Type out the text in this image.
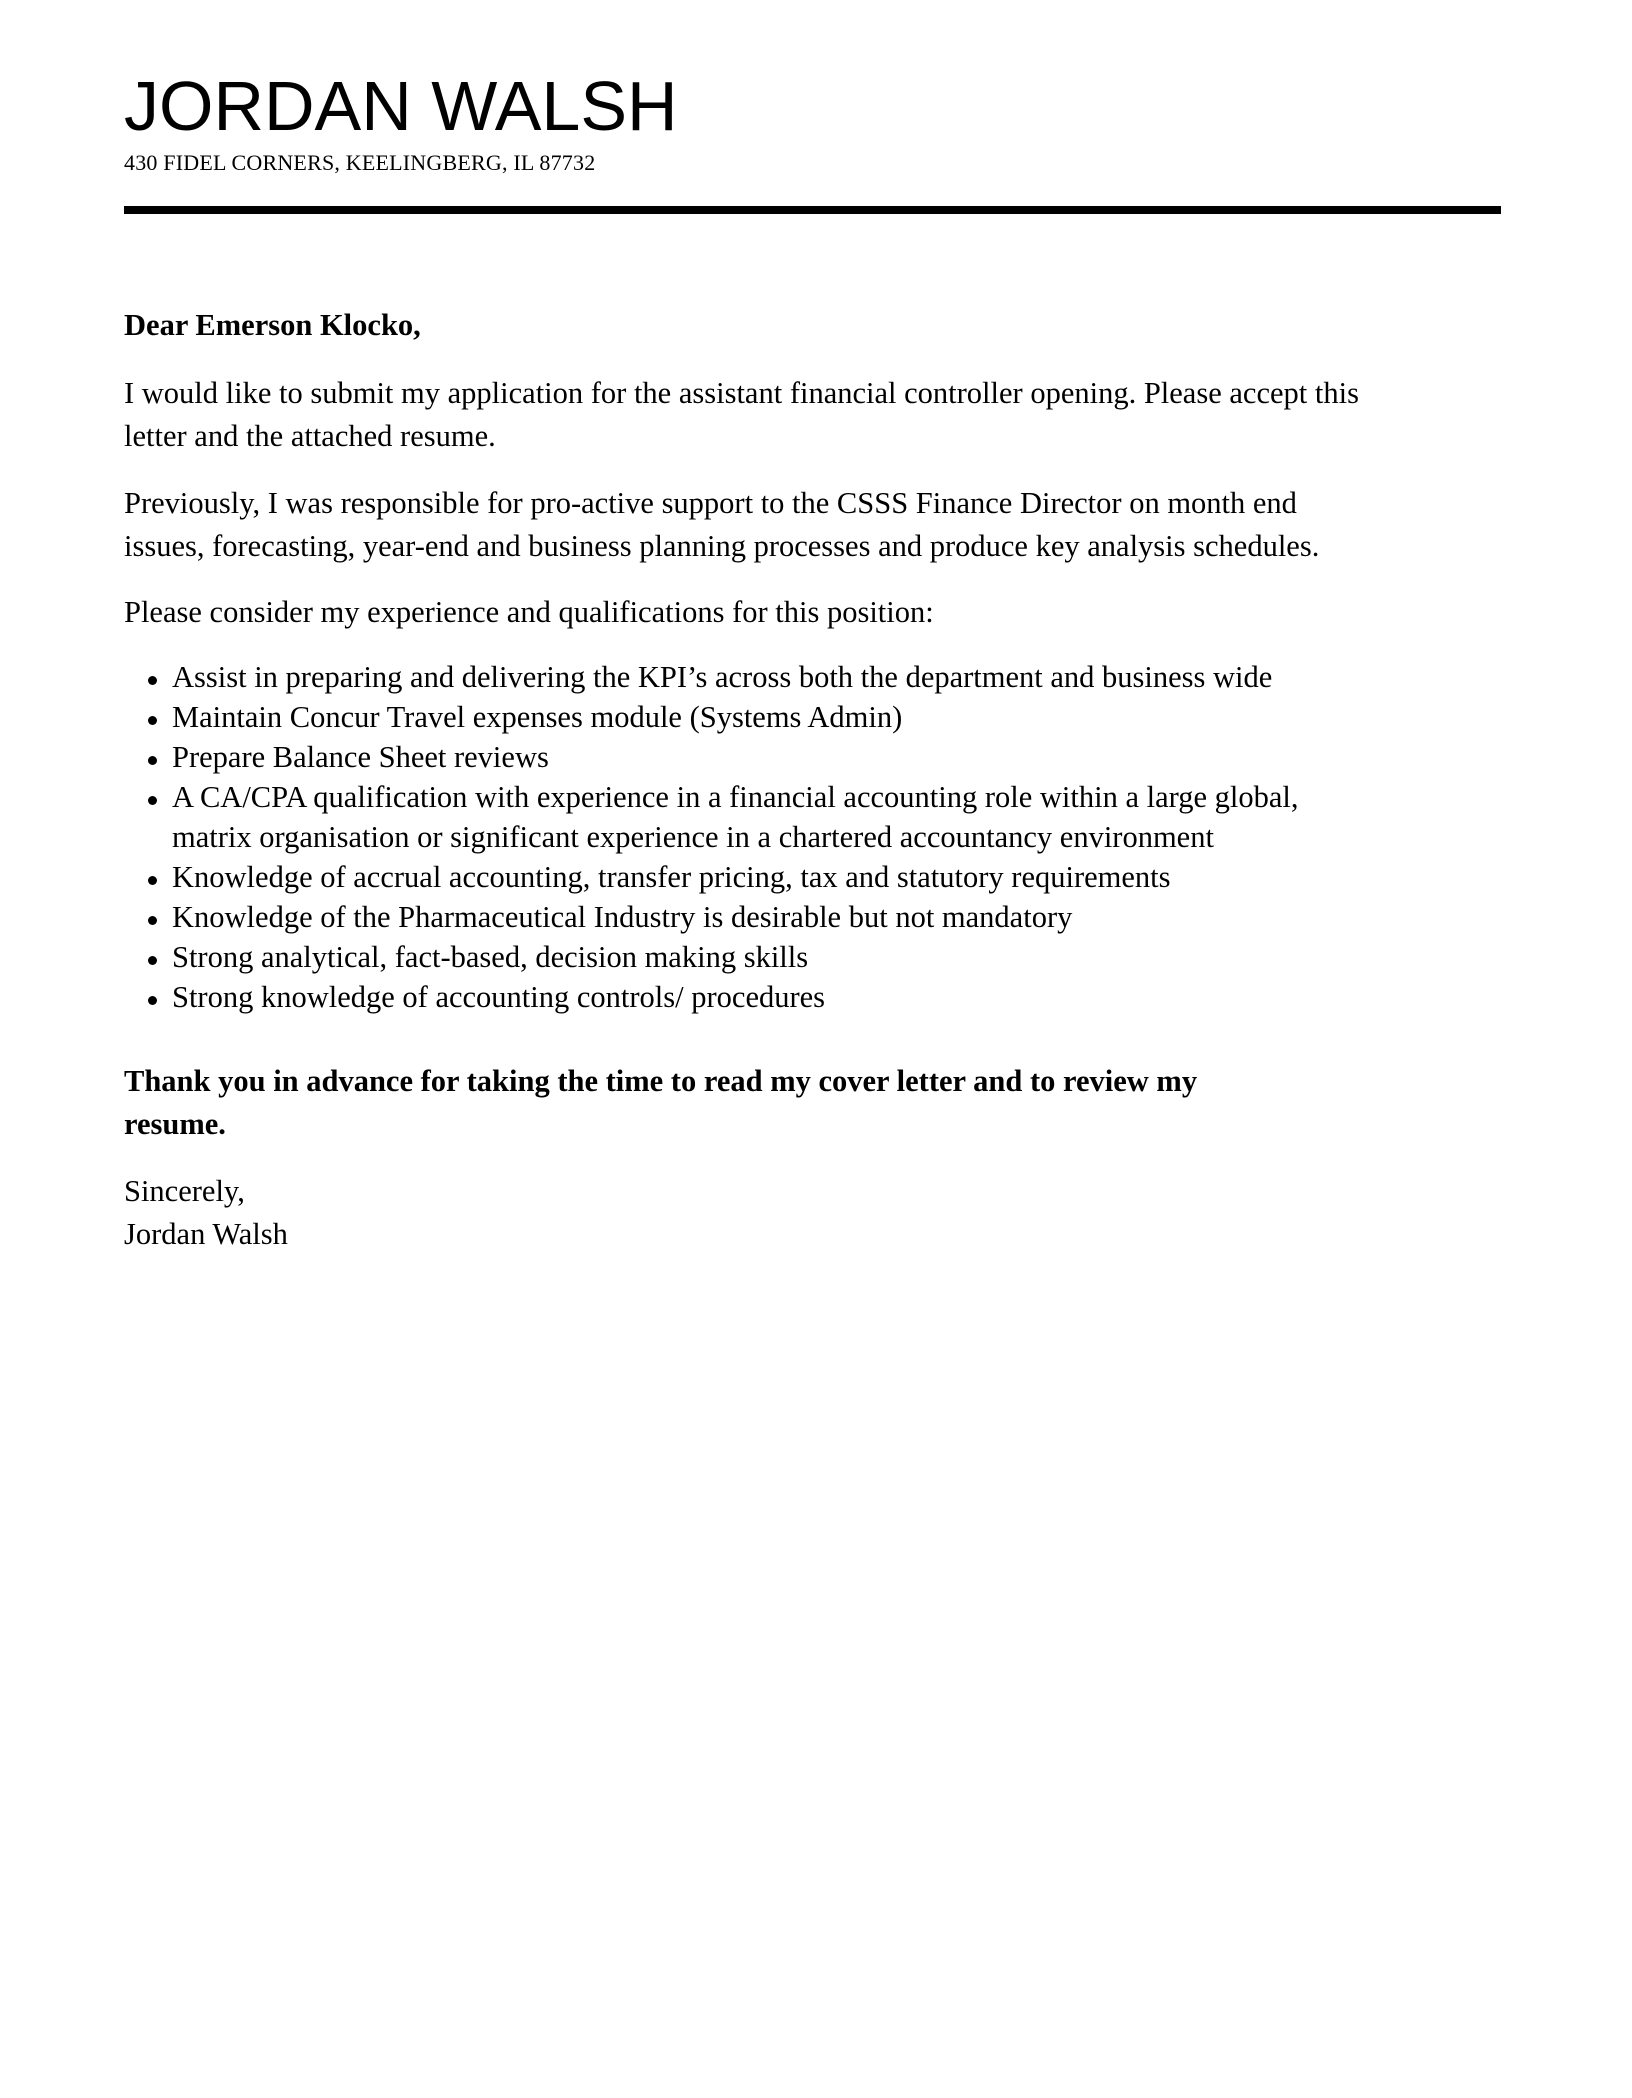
JORDAN WALSH
430 FIDEL CORNERS, KEELINGBERG, IL 87732
Dear Emerson Klocko,
I would like to submit my application for the assistant financial controller opening. Please accept this
letter and the attached resume.
Previously, I was responsible for pro-active support to the CSSS Finance Director on month end
issues, forecasting, year-end and business planning processes and produce key analysis schedules.
Please consider my experience and qualifications for this position:
Assist in preparing and delivering the KPI’s across both the department and business wide
Maintain Concur Travel expenses module (Systems Admin)
Prepare Balance Sheet reviews
A CA/CPA qualification with experience in a financial accounting role within a large global,
matrix organisation or significant experience in a chartered accountancy environment
Knowledge of accrual accounting, transfer pricing, tax and statutory requirements
Knowledge of the Pharmaceutical Industry is desirable but not mandatory
Strong analytical, fact-based, decision making skills
Strong knowledge of accounting controls/ procedures
Thank you in advance for taking the time to read my cover letter and to review my
resume.
Sincerely,
Jordan Walsh
